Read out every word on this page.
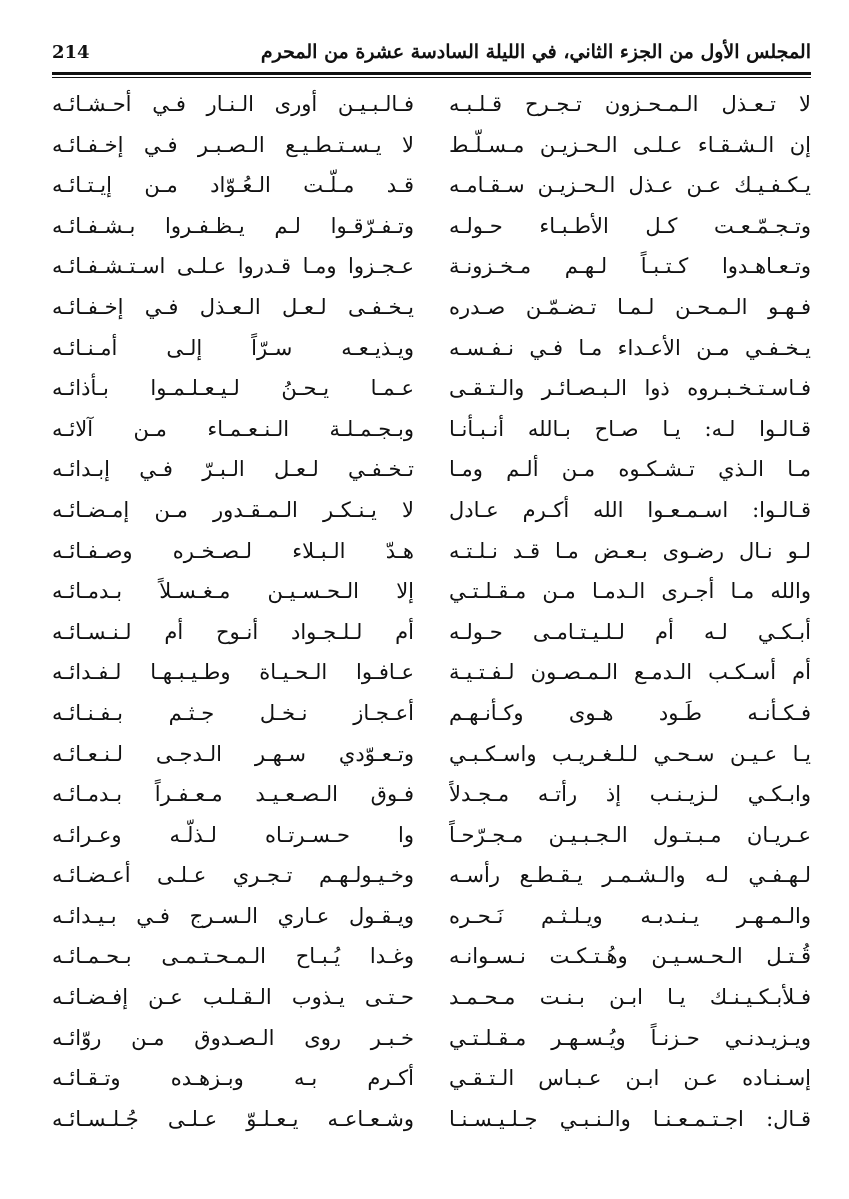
المجلس الأول من الجزء الثاني، في الليلة السادسة عشرة من المحرم
214
لا تـعـذل الـمـحـزون تـجـرح قـلـبـه
إن الـشـقـاء عـلـى الـحـزيـن مـسـلّـط
يـكـفـيـك عـن عـذل الـحـزيـن سـقـامـه
وتـجـمّـعـت كـل الأطـبـاء حـولـه
وتـعـاهـدوا كـتـبـاً لـهـم مـخـزونـة
فـهـو الـمـحـن لـمـا تـضـمّـن صـدره
يـخـفـي مـن الأعـداء مـا فـي نـفـسـه
فـاسـتـخـبـروه ذوا الـبـصـائـر والـتـقـى
قـالـوا لـه: يـا صـاح بـالله أنـبـأنـا
مـا الـذي تـشـكـوه مـن ألـم ومـا
قـالـوا: اسـمـعـوا الله أكـرم عـادل
لـو نـال رضـوى بـعـض مـا قـد نـلـتـه
والله مـا أجـرى الـدمـا مـن مـقـلـتـي
أبـكـي لـه أم لـلـيـتـامـى حـولـه
أم أسـكـب الـدمـع الـمـصـون لـفـتـيـة
فـكـأنـه طَـود هـوى وكـأنـهـم
يـا عـيـن سـحـي لـلـغـريـب واسـكـبـي
وابـكـي لـزيـنـب إذ رأتـه مـجـدلاً
عـريـان مـبـتـول الـجـبـيـن مـجـرّحـاً
لـهـفـي لـه والـشـمـر يـقـطـع رأسـه
والـمـهـر يـنـدبـه ويـلـثـم نَـحـره
قُـتـل الـحـسـيـن وهُـتـكـت نـسـوانـه
فـلأبـكـيـنـك يـا ابـن بـنـت مـحـمـد
ويـزيـدنـي حـزنـاً ويُـسـهـر مـقـلـتـي
إسـنـاده عـن ابـن عـبـاس الـتـقـي
قـال: اجـتـمـعـنـا والـنـبـي جـلـيـسـنـا
فـالـبـيـن أورى الـنـار فـي أحـشـائـه
لا يـسـتـطـيـع الـصـبـر فـي إخـفـائـه
قـد مـلّـت الـعُـوّاد مـن إيـتـائـه
وتـفـرّقـوا لـم يـظـفـروا بـشـفـائـه
عـجـزوا ومـا قـدروا عـلـى اسـتـشـفـائـه
يـخـفـى لـعـل الـعـذل فـي إخـفـائـه
ويـذيـعـه سـرّاً إلـى أمـنـائـه
عـمـا يـحـنُ لـيـعـلـمـوا بـأذائـه
وبـجـمـلـة الـنـعـمـاء مـن آلائـه
تـخـفـي لـعـل الـبـرّ فـي إبـدائـه
لا يـنـكـر الـمـقـدور مـن إمـضـائـه
هـدّ الـبـلاء لـصـخـره وصـفـائـه
إلا الـحـسـيـن مـغـسـلاً بـدمـائـه
أم لـلـجـواد أنـوح أم لـنـسـائـه
عـافـوا الـحـيـاة وطـيـبـهـا لـفـدائـه
أعـجـاز نـخـل جـثـم بـفـنـائـه
وتـعـوّدي سـهـر الـدجـى لـنـعـائـه
فـوق الـصـعـيـد مـعـفـراً بـدمـائـه
وا حـسـرتـاه لـذلّـه وعـرائـه
وخـيـولـهـم تـجـري عـلـى أعـضـائـه
ويـقـول عـاري الـسـرج فـي بـيـدائـه
وغـدا يُـبـاح الـمـحـتـمـى بـحـمـائـه
حـتـى يـذوب الـقـلـب عـن إفـضـائـه
خـبـر روى الـصـدوق مـن روّائـه
أكـرم بـه وبـزهـده وتـقـائـه
وشـعـاعـه يـعـلـوّ عـلـى جُـلـسـائـه
